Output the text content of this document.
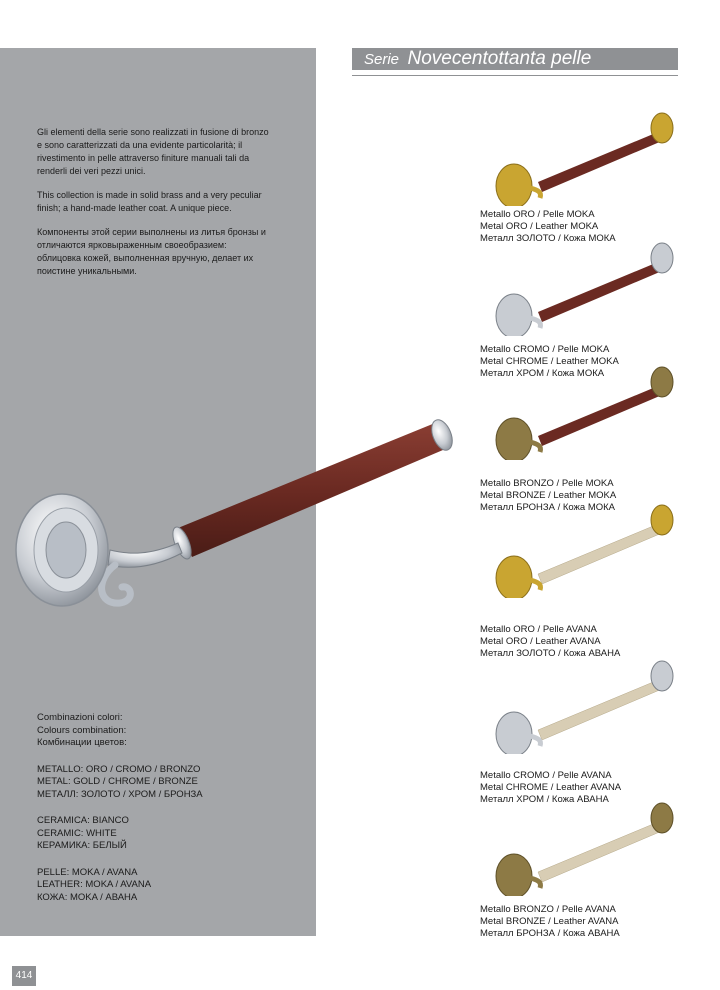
Serie Novecentottanta pelle

Gli elementi della serie sono realizzati in fusione di bronzo e sono caratterizzati da una evidente particolarità; il rivestimento in pelle attraverso finiture manuali tali da renderli dei veri pezzi unici.

This collection is made in solid brass and a very peculiar finish; a hand-made leather coat. A unique piece.

Компоненты этой серии выполнены из литья бронзы и отличаются ярковыраженным своеобразием: облицовка кожей, выполненная вручную, делает их поистине уникальными.

Metallo ORO / Pelle MOKA
Metal ORO / Leather MOKA
Металл ЗОЛОТО / Кожа МОКА
Metallo CROMO / Pelle MOKA
Metal CHROME / Leather MOKA
Металл ХРОМ / Кожа МОКА
Metallo BRONZO / Pelle MOKA
Metal BRONZE / Leather MOKA
Металл БРОНЗА / Кожа МОКА
Metallo ORO / Pelle AVANA
Metal ORO / Leather AVANA
Металл ЗОЛОТО / Кожа АВАНА
Metallo CROMO / Pelle AVANA
Metal CHROME / Leather AVANA
Металл ХРОМ / Кожа АВАНА
Metallo BRONZO / Pelle AVANA
Metal BRONZE / Leather AVANA
Металл БРОНЗА / Кожа АВАНА
Combinazioni colori:
Colours combination:
Комбинации цветов:
METALLO: ORO / CROMO / BRONZO
METAL: GOLD / CHROME / BRONZE
МЕТАЛЛ: ЗОЛОТО / ХРОМ / БРОНЗА
CERAMICA: BIANCO
CERAMIC: WHITE
КЕРАМИКА: БЕЛЫЙ
PELLE: MOKA / AVANA
LEATHER: MOKA / AVANA
КОЖА: MOKA / АВАНА
414
